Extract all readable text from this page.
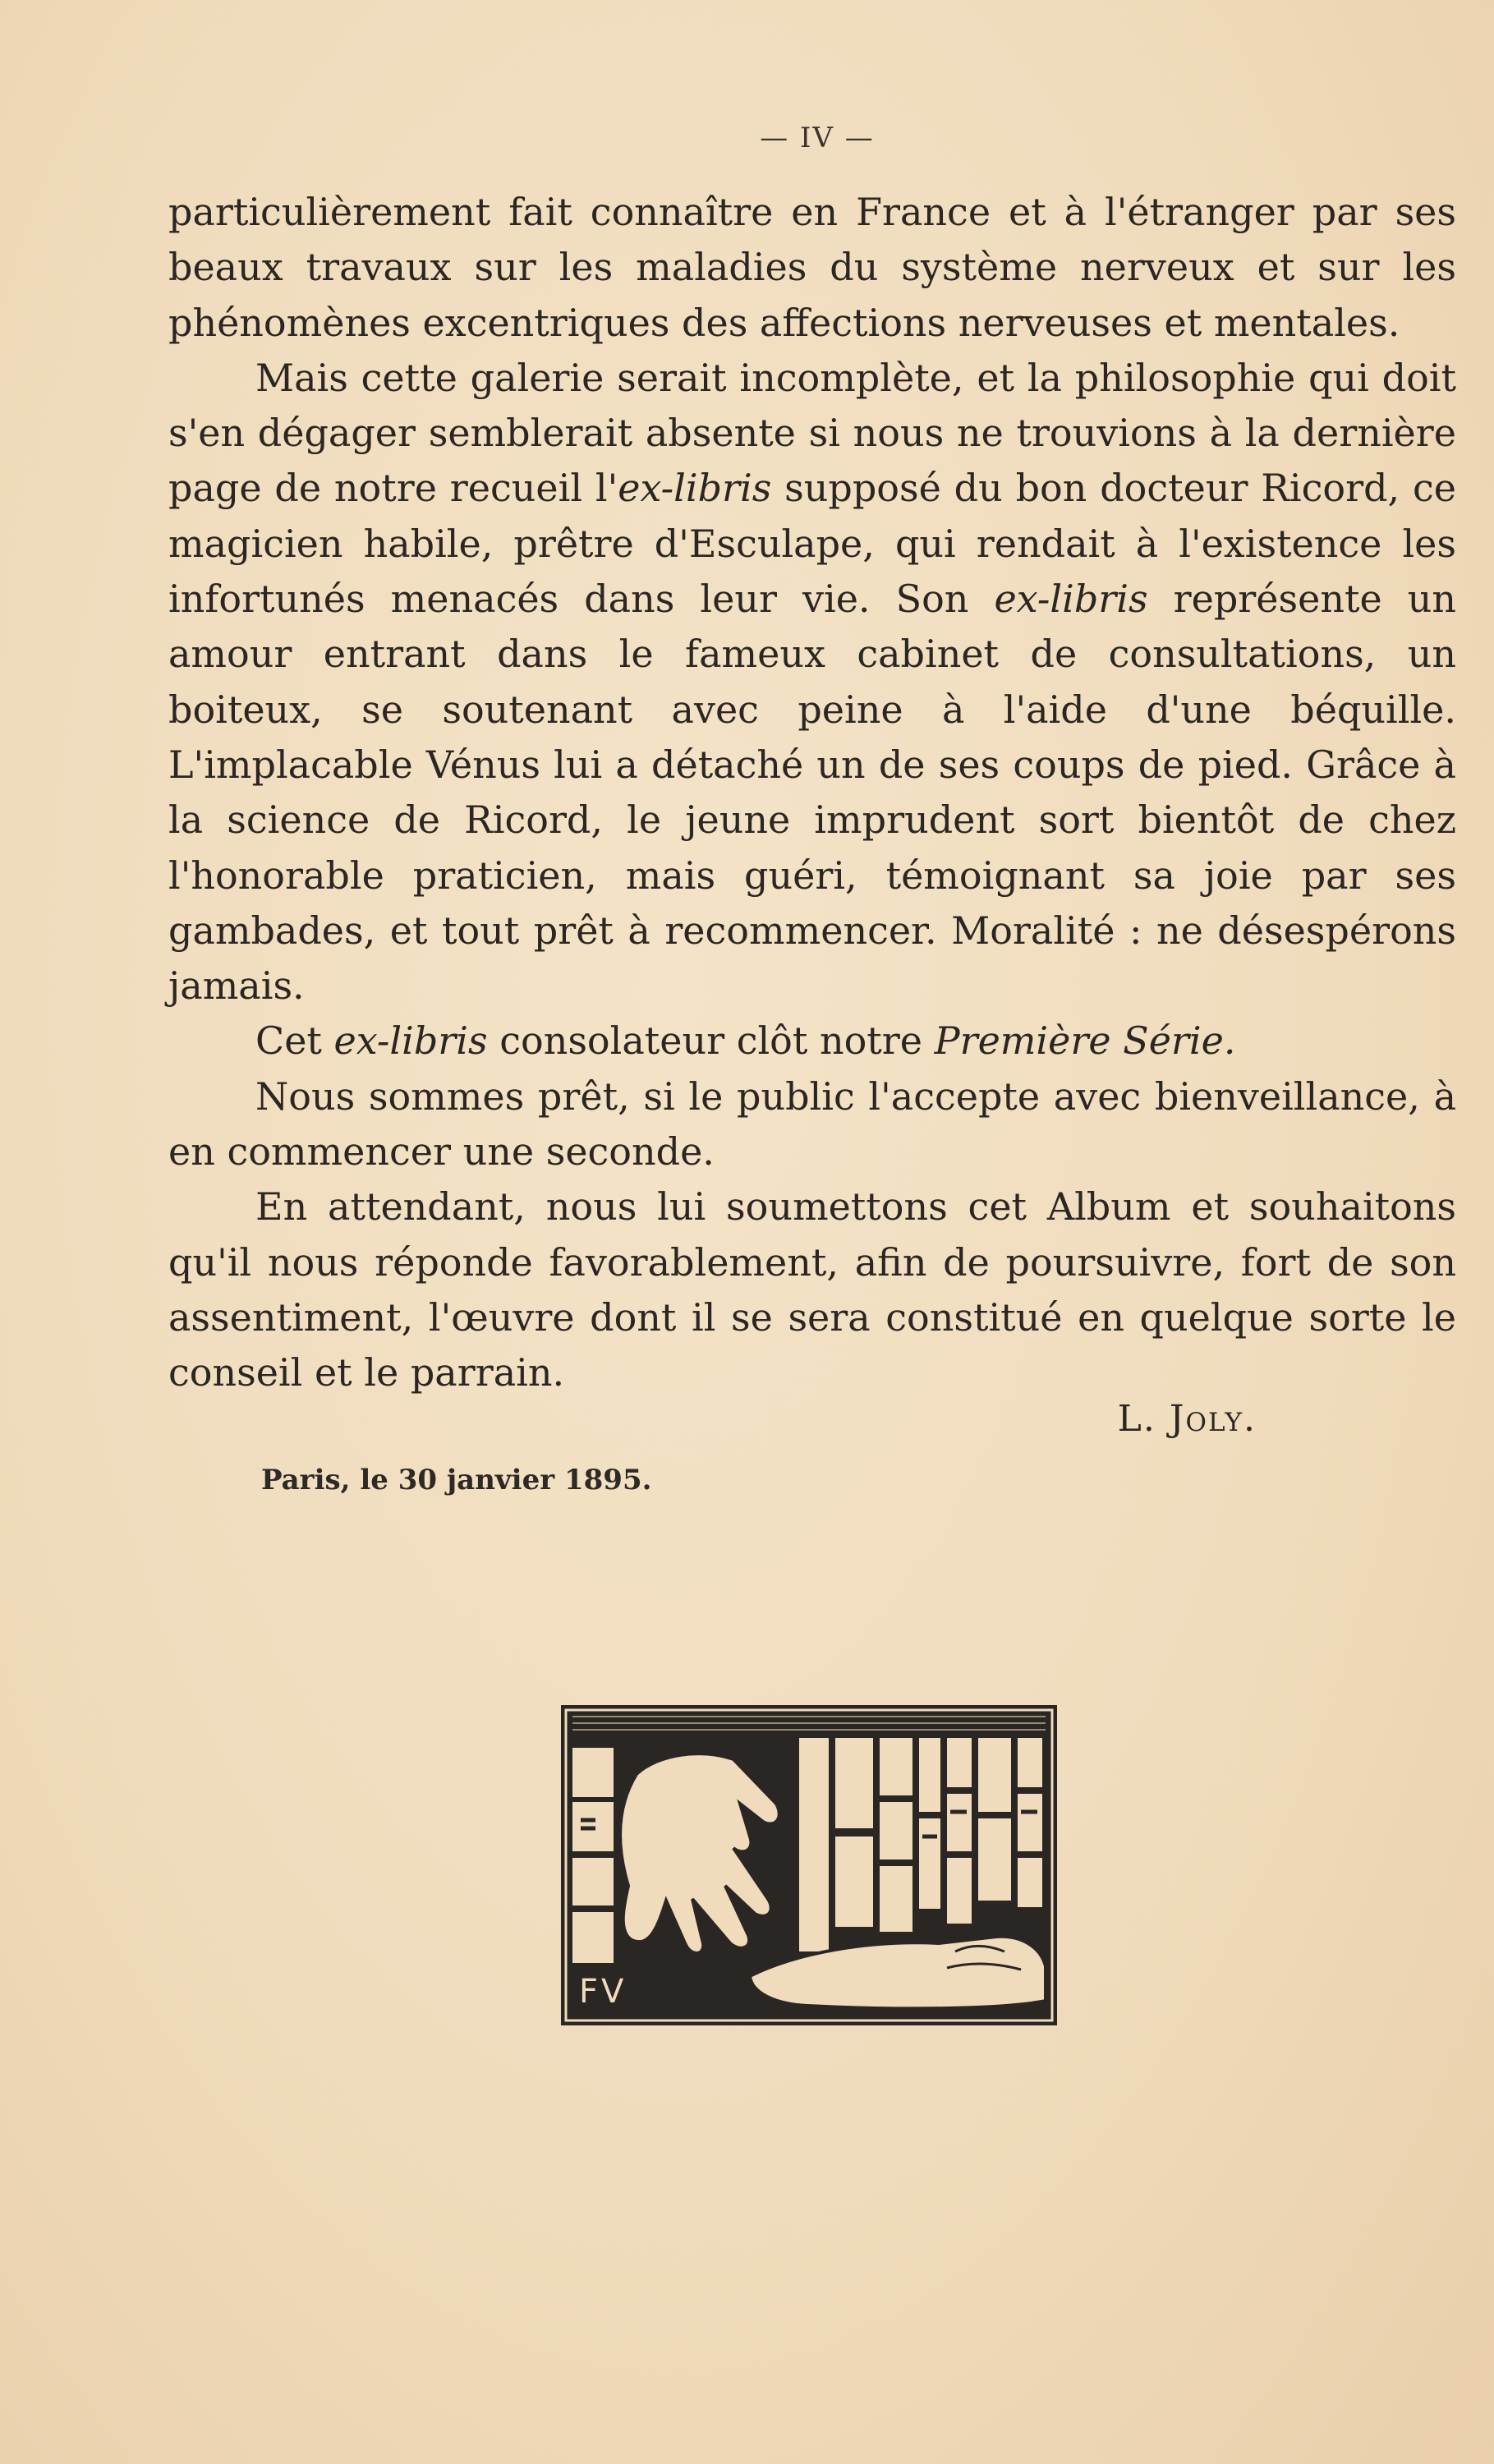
— IV —

particulièrement fait connaître en France et à l'étranger par ses beaux travaux sur les maladies du système nerveux et sur les phénomènes excentriques des affections nerveuses et mentales.

Mais cette galerie serait incomplète, et la philosophie qui doit s'en dégager semblerait absente si nous ne trouvions à la dernière page de notre recueil l'ex-libris supposé du bon docteur Ricord, ce magicien habile, prêtre d'Esculape, qui rendait à l'existence les infortunés menacés dans leur vie. Son ex-libris représente un amour entrant dans le fameux cabinet de consultations, un boiteux, se soutenant avec peine à l'aide d'une béquille. L'implacable Vénus lui a détaché un de ses coups de pied. Grâce à la science de Ricord, le jeune imprudent sort bientôt de chez l'honorable praticien, mais guéri, témoignant sa joie par ses gambades, et tout prêt à recommencer. Moralité : ne désespérons jamais.

Cet ex-libris consolateur clôt notre Première Série.

Nous sommes prêt, si le public l'accepte avec bienveillance, à en commencer une seconde.

En attendant, nous lui soumettons cet Album et souhaitons qu'il nous réponde favorablement, afin de poursuivre, fort de son assentiment, l'œuvre dont il se sera constitué en quelque sorte le conseil et le parrain.

L. Joly.
Paris, le 30 janvier 1895.
FV
